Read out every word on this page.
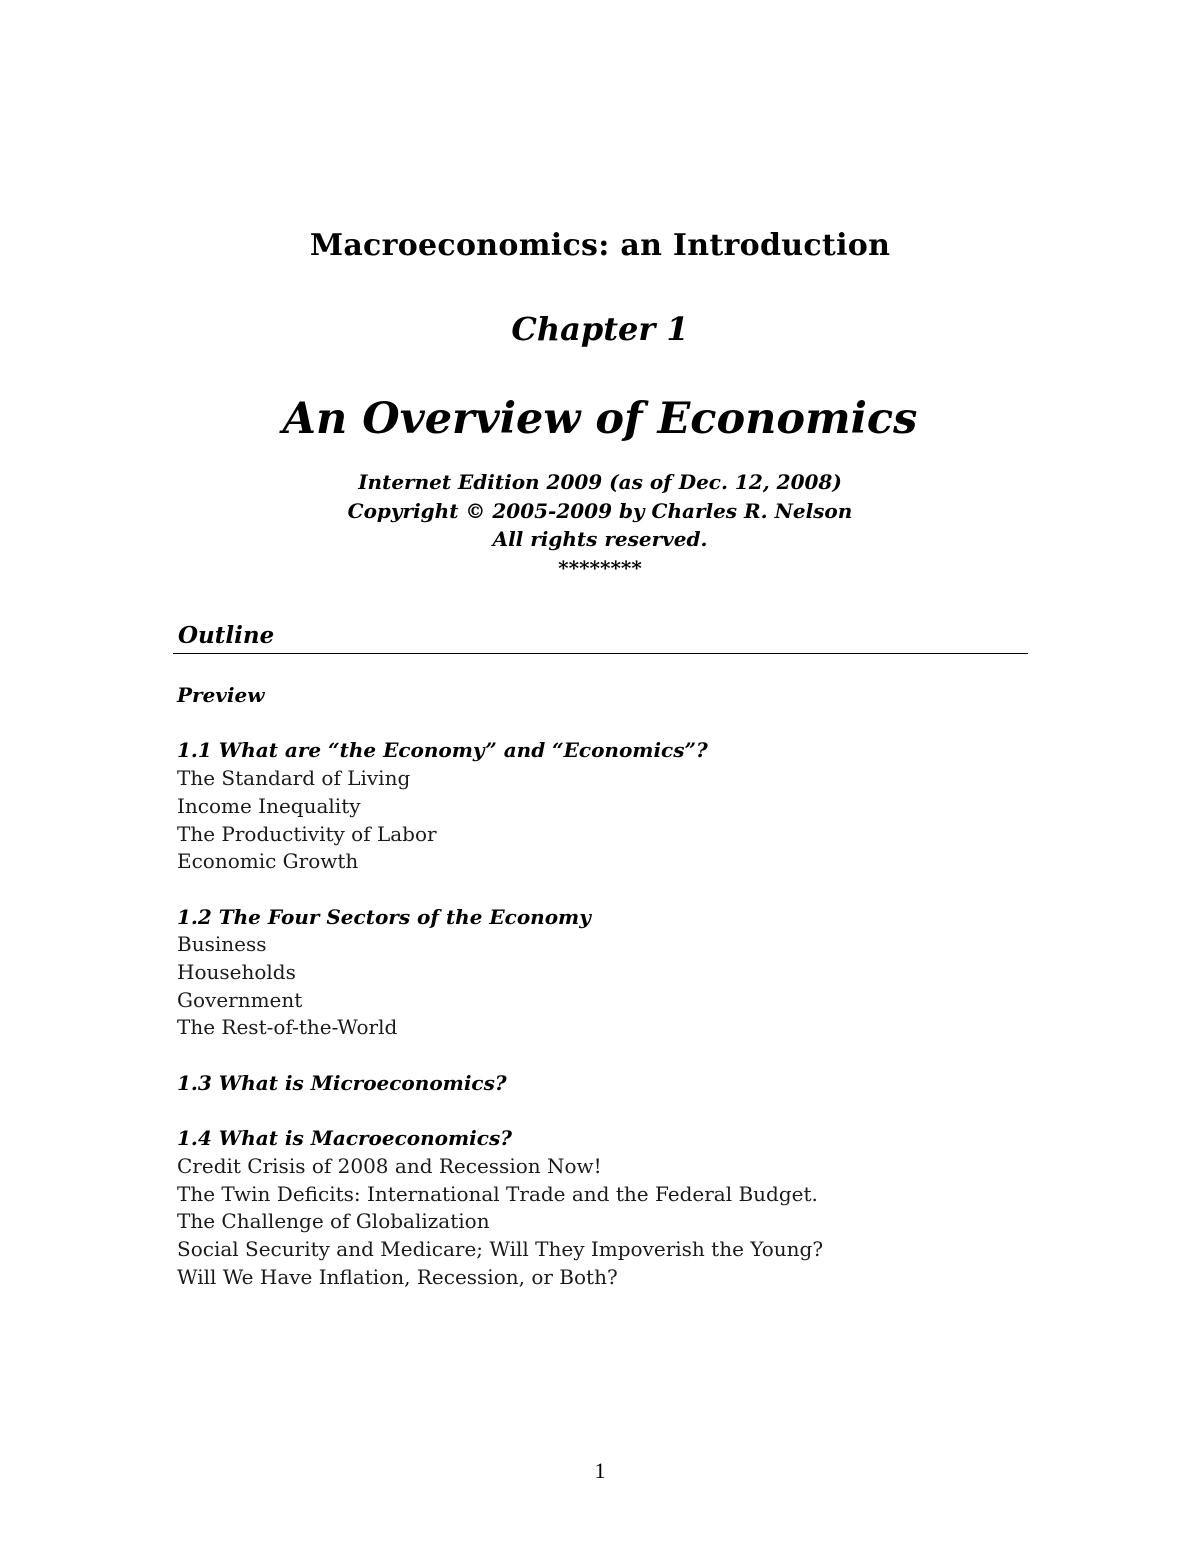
Macroeconomics: an Introduction
Chapter 1
An Overview of Economics
Internet Edition 2009 (as of Dec. 12, 2008)
Copyright © 2005-2009 by Charles R. Nelson
All rights reserved.
********
Outline
Preview
1.1 What are “the Economy” and “Economics”?
The Standard of Living
Income Inequality
The Productivity of Labor
Economic Growth
1.2 The Four Sectors of the Economy
Business
Households
Government
The Rest-of-the-World
1.3 What is Microeconomics?
1.4 What is Macroeconomics?
Credit Crisis of 2008 and Recession Now!
The Twin Deficits: International Trade and the Federal Budget.
The Challenge of Globalization
Social Security and Medicare; Will They Impoverish the Young?
Will We Have Inflation, Recession, or Both?
1
